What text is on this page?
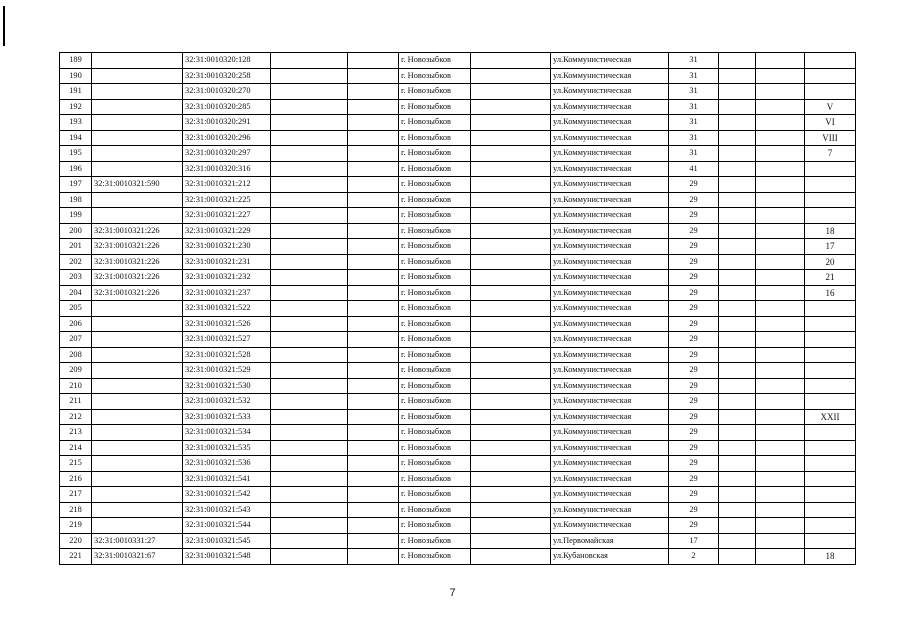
189		32:31:0010320:128			г. Новозыбков		ул.Коммунистическая	31			
190		32:31:0010320:258			г. Новозыбков		ул.Коммунистическая	31			
191		32:31:0010320:270			г. Новозыбков		ул.Коммунистическая	31			
192		32:31:0010320:285			г. Новозыбков		ул.Коммунистическая	31			V
193		32:31:0010320:291			г. Новозыбков		ул.Коммунистическая	31			VI
194		32:31:0010320:296			г. Новозыбков		ул.Коммунистическая	31			VIII
195		32:31:0010320:297			г. Новозыбков		ул.Коммунистическая	31			7
196		32:31:0010320:316			г. Новозыбков		ул.Коммунистическая	41			
197	32:31:0010321:590	32:31:0010321:212			г. Новозыбков		ул.Коммунистическая	29			
198		32:31:0010321:225			г. Новозыбков		ул.Коммунистическая	29			
199		32:31:0010321:227			г. Новозыбков		ул.Коммунистическая	29			
200	32:31:0010321:226	32:31:0010321:229			г. Новозыбков		ул.Коммунистическая	29			18
201	32:31:0010321:226	32:31:0010321:230			г. Новозыбков		ул.Коммунистическая	29			17
202	32:31:0010321:226	32:31:0010321:231			г. Новозыбков		ул.Коммунистическая	29			20
203	32:31:0010321:226	32:31:0010321:232			г. Новозыбков		ул.Коммунистическая	29			21
204	32:31:0010321:226	32:31:0010321:237			г. Новозыбков		ул.Коммунистическая	29			16
205		32:31:0010321:522			г. Новозыбков		ул.Коммунистическая	29			
206		32:31:0010321:526			г. Новозыбков		ул.Коммунистическая	29			
207		32:31:0010321:527			г. Новозыбков		ул.Коммунистическая	29			
208		32:31:0010321:528			г. Новозыбков		ул.Коммунистическая	29			
209		32:31:0010321:529			г. Новозыбков		ул.Коммунистическая	29			
210		32:31:0010321:530			г. Новозыбков		ул.Коммунистическая	29			
211		32:31:0010321:532			г. Новозыбков		ул.Коммунистическая	29			
212		32:31:0010321:533			г. Новозыбков		ул.Коммунистическая	29			XXII
213		32:31:0010321:534			г. Новозыбков		ул.Коммунистическая	29			
214		32:31:0010321:535			г. Новозыбков		ул.Коммунистическая	29			
215		32:31:0010321:536			г. Новозыбков		ул.Коммунистическая	29			
216		32:31:0010321:541			г. Новозыбков		ул.Коммунистическая	29			
217		32:31:0010321:542			г. Новозыбков		ул.Коммунистическая	29			
218		32:31:0010321:543			г. Новозыбков		ул.Коммунистическая	29			
219		32:31:0010321:544			г. Новозыбков		ул.Коммунистическая	29			
220	32:31:0010331:27	32:31:0010321:545			г. Новозыбков		ул.Первомайская	17			
221	32:31:0010321:67	32:31:0010321:548			г. Новозыбков		ул.Кубановская	2			18
7
